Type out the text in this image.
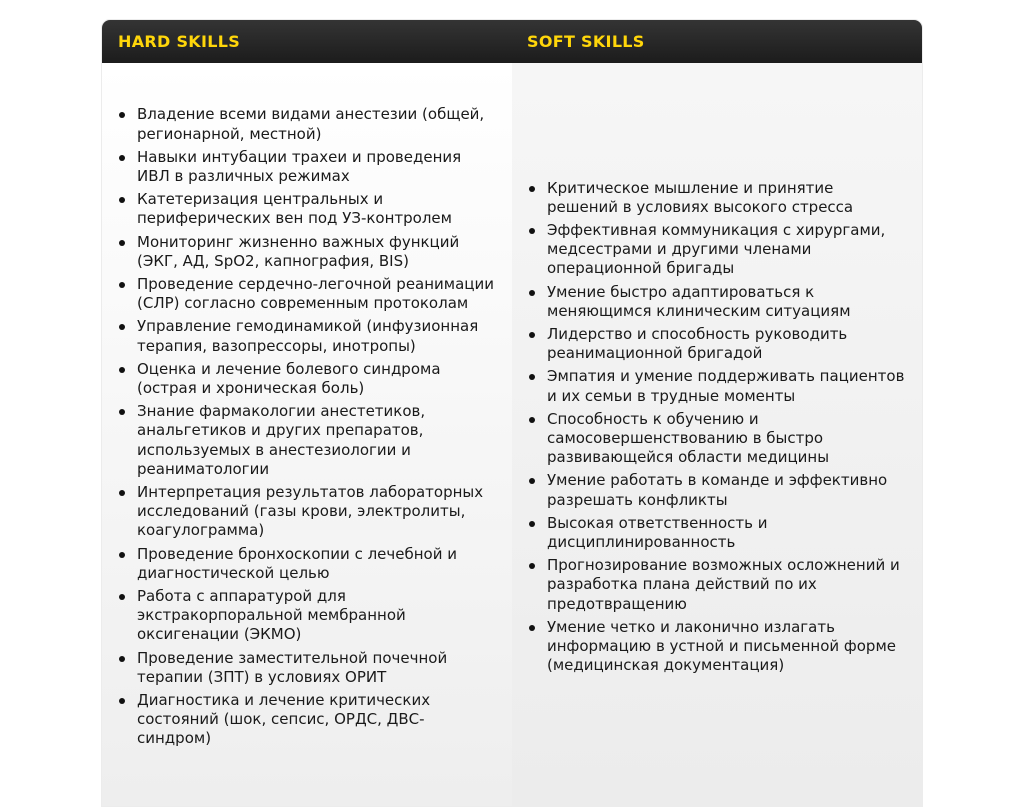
HARD SKILLS	SOFT SKILLS
Владение всеми видами анестезии (общей, регионарной, местной)
Навыки интубации трахеи и проведения ИВЛ в различных режимах
Катетеризация центральных и периферических вен под УЗ-контролем
Мониторинг жизненно важных функций (ЭКГ, АД, SpO2, капнография, BIS)
Проведение сердечно-легочной реанимации (СЛР) согласно современным протоколам
Управление гемодинамикой (инфузионная терапия, вазопрессоры, инотропы)
Оценка и лечение болевого синдрома (острая и хроническая боль)
Знание фармакологии анестетиков, анальгетиков и других препаратов, используемых в анестезиологии и реаниматологии
Интерпретация результатов лабораторных исследований (газы крови, электролиты, коагулограмма)
Проведение бронхоскопии с лечебной и диагностической целью
Работа с аппаратурой для экстракорпоральной мембранной оксигенации (ЭКМО)
Проведение заместительной почечной терапии (ЗПТ) в условиях ОРИТ
Диагностика и лечение критических состояний (шок, сепсис, ОРДС, ДВС-синдром)
Критическое мышление и принятие решений в условиях высокого стресса
Эффективная коммуникация с хирургами, медсестрами и другими членами операционной бригады
Умение быстро адаптироваться к меняющимся клиническим ситуациям
Лидерство и способность руководить реанимационной бригадой
Эмпатия и умение поддерживать пациентов и их семьи в трудные моменты
Способность к обучению и самосовершенствованию в быстро развивающейся области медицины
Умение работать в команде и эффективно разрешать конфликты
Высокая ответственность и дисциплинированность
Прогнозирование возможных осложнений и разработка плана действий по их предотвращению
Умение четко и лаконично излагать информацию в устной и письменной форме (медицинская документация)
